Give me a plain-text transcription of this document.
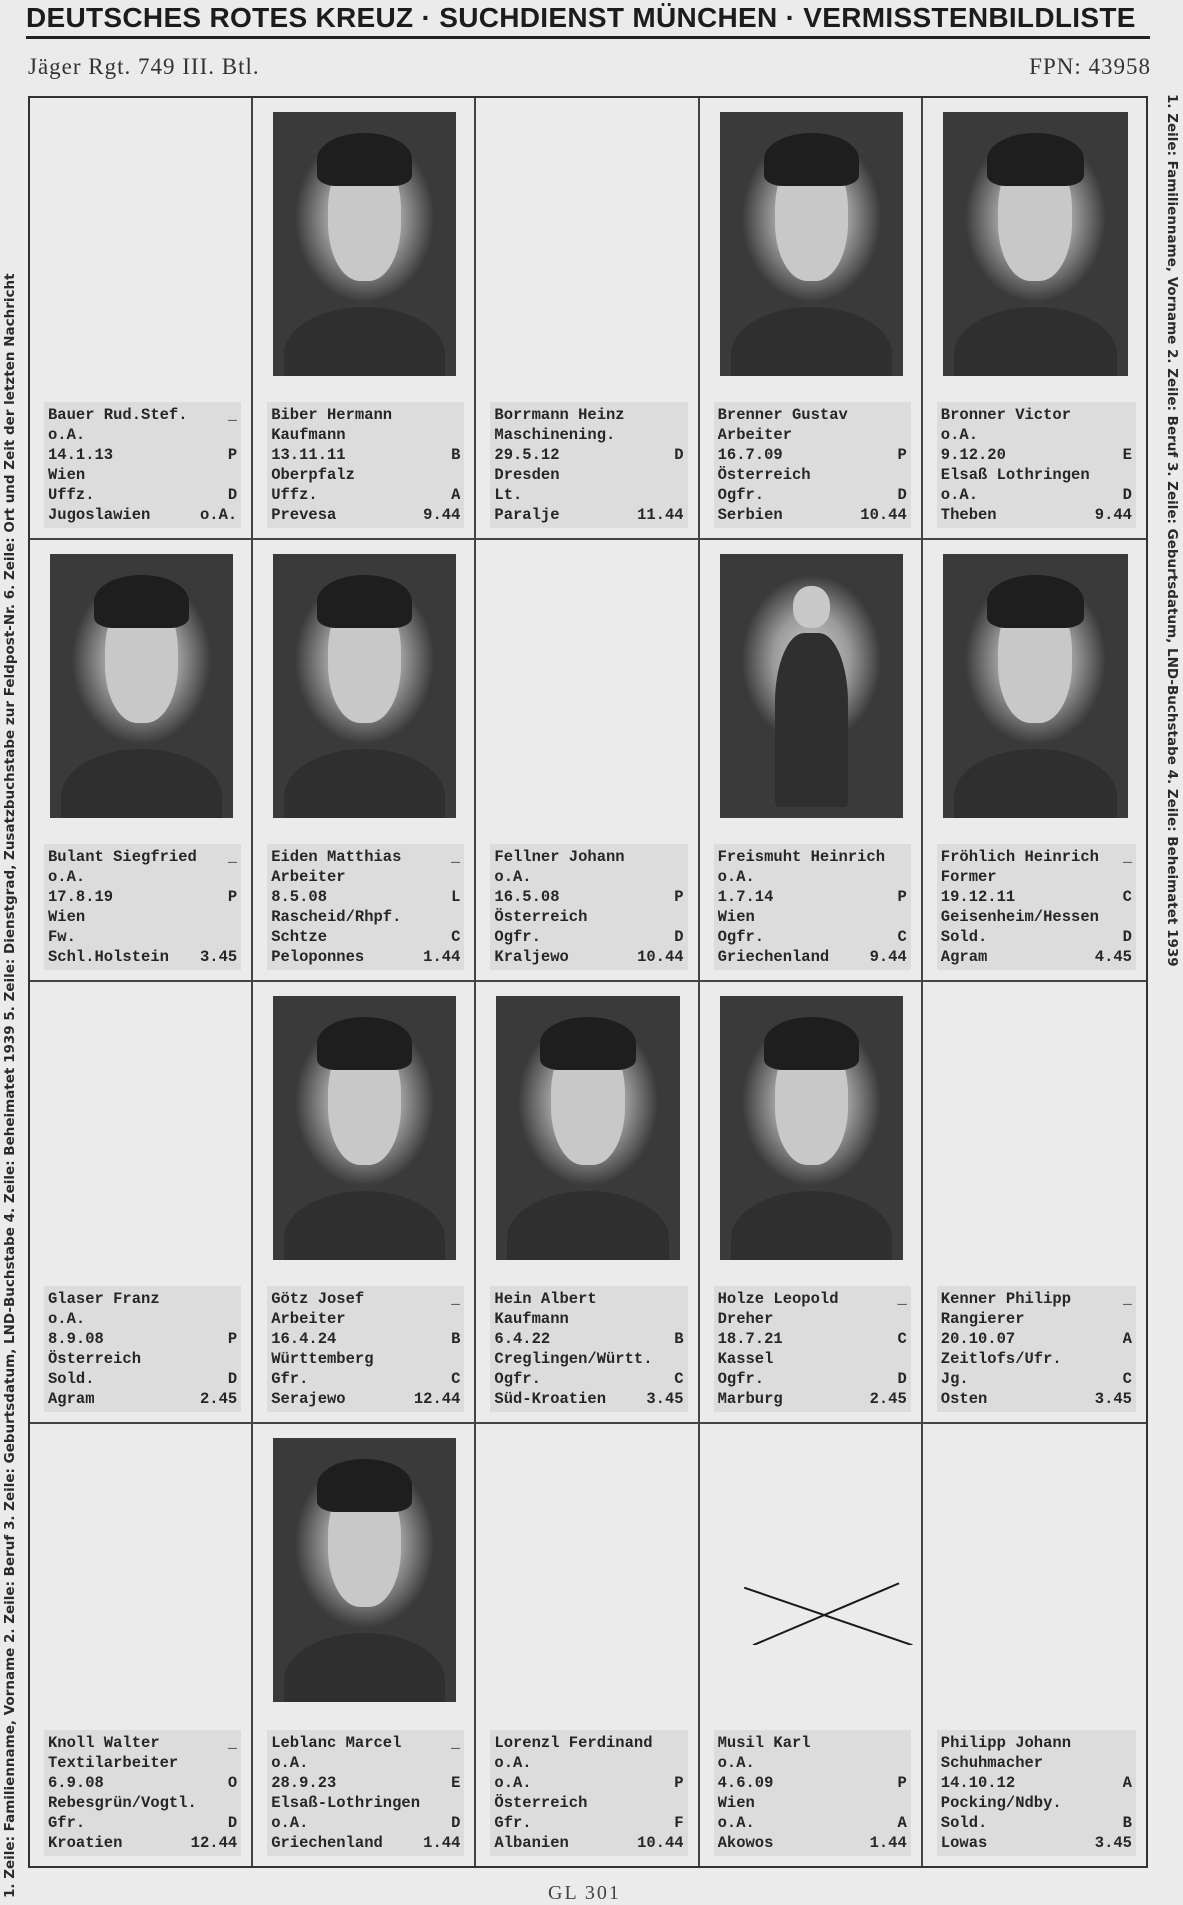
DEUTSCHES ROTES KREUZ · SUCHDIENST MÜNCHEN · VERMISSTENBILDLISTE
Jäger Rgt. 749 III. Btl.	FPN: 43958
1. Zeile: Familienname, Vorname 2. Zeile: Beruf 3. Zeile: Geburtsdatum, LND-Buchstabe 4. Zeile: Beheimatet 1939 5. Zeile: Dienstgrad, Zusatzbuchstabe zur Feldpost-Nr. 6. Zeile: Ort und Zeit der letzten Nachricht	1. Zeile: Familienname, Vorname 2. Zeile: Beruf 3. Zeile: Geburtsdatum, LND-Buchstabe 4. Zeile: Beheimatet 1939
Bauer Rud.Stef.	_
o.A.
14.1.13	P
Wien
Uffz.	D
Jugoslawien	o.A.
Biber Hermann
Kaufmann
13.11.11	B
Oberpfalz
Uffz.	A
Prevesa	9.44
Borrmann Heinz
Maschinening.
29.5.12	D
Dresden
Lt.
Paralje	11.44
Brenner Gustav
Arbeiter
16.7.09	P
Österreich
Ogfr.	D
Serbien	10.44
Bronner Victor
o.A.
9.12.20	E
Elsaß Lothringen
o.A.	D
Theben	9.44
Bulant Siegfried _
o.A.
17.8.19	P
Wien
Fw.
Schl.Holstein 3.45
Eiden Matthias	_
Arbeiter
8.5.08	L
Rascheid/Rhpf.
Schtze	C
Peloponnes	1.44
Fellner Johann
o.A.
16.5.08	P
Österreich
Ogfr.	D
Kraljewo	10.44
Freismuht Heinrich
o.A.
1.7.14	P
Wien
Ogfr.	C
Griechenland	9.44
Fröhlich Heinrich _
Former
19.12.11	C
Geisenheim/Hessen
Sold.	D
Agram	4.45
Glaser Franz
o.A.
8.9.08	P
Österreich
Sold.	D
Agram	2.45
Götz Josef	_
Arbeiter
16.4.24	B
Württemberg
Gfr.	C
Serajewo	12.44
Hein Albert
Kaufmann
6.4.22	B
Creglingen/Württ.
Ogfr.	C
Süd-Kroatien	3.45
Holze Leopold	_
Dreher
18.7.21	C
Kassel
Ogfr.	D
Marburg	2.45
Kenner Philipp	_
Rangierer
20.10.07	A
Zeitlofs/Ufr.
Jg.	C
Osten	3.45
Knoll Walter	_
Textilarbeiter
6.9.08	O
Rebesgrün/Vogtl.
Gfr.	D
Kroatien	12.44
Leblanc Marcel	_
o.A.
28.9.23	E
Elsaß-Lothringen
o.A.	D
Griechenland	1.44
Lorenzl Ferdinand
o.A.
o.A.	P
Österreich
Gfr.	F
Albanien	10.44
Musil Karl
o.A.
4.6.09	P
Wien
o.A.	A
Akowos	1.44
Philipp Johann
Schuhmacher
14.10.12	A
Pocking/Ndby.
Sold.	B
Lowas	3.45
GL 301
